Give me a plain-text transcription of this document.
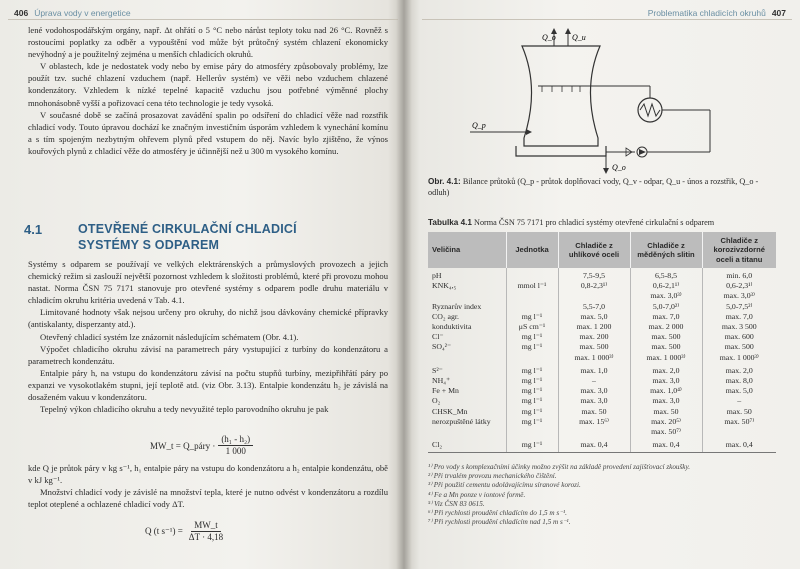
406 Úprava vody v energetice

lené vodohospodářským orgány, např. Δt ohřátí o 5 °C nebo nárůst teploty toku nad 26 °C. Rovněž s rostoucími poplatky za odběr a vypouštění vod může být průtočný systém chlazení ekonomicky nevýhodný a je použitelný zejména u menších chladicích okruhů.

V oblastech, kde je nedostatek vody nebo by emise páry do atmosféry způsobovaly problémy, lze použít tzv. suché chlazení vzduchem (např. Hellerův systém) ve věži nebo vzduchem chlazené kondenzátory. Vzhledem k nízké tepelné kapacitě vzduchu jsou potřebné výměnné plochy mnohonásobně vyšší a pořizovací cena této technologie je tedy vysoká.

V současné době se začíná prosazovat zavádění spalin po odsíření do chladicí věže nad rozstřik chladicí vody. Touto úpravou dochází ke značným investičním úsporám vzhledem k vynechání komínu a s tím spojeným nezbytným ohřevem plynů před vstupem do něj. Navíc bylo zjištěno, že výnos kouřových plynů z chladicí věže do atmosféry je účinnější než u 300 m vysokého komínu.

4.1	OTEVŘENÉ CIRKULAČNÍ CHLADICÍ
SYSTÉMY S ODPAREM

Systémy s odparem se používají ve velkých elektrárenských a průmyslových provozech a jejich chemický režim si zaslouží největší pozornost vzhledem k složitosti problémů, které při provozu mohou nastat. Norma ČSN 75 7171 stanovuje pro otevřené systémy s odparem podle druhu materiálu v chladicím okruhu kritéria uvedená v Tab. 4.1.

Limitované hodnoty však nejsou určeny pro okruhy, do nichž jsou dávkovány chemické přípravky (antiskalanty, disperzanty atd.).

Otevřený chladicí systém lze znázornit následujícím schématem (Obr. 4.1).

Výpočet chladicího okruhu závisí na parametrech páry vystupující z turbíny do kondenzátoru a parametrech kondenzátu.

Entalpie páry h, na vstupu do kondenzátoru závisí na počtu stupňů turbíny, mezipřihřátí páry po expanzi ve vysokotlakém stupni, její teplotě atd. (viz Obr. 3.13). Entalpie kondenzátu h₂ je závislá na dosaženém vakuu v kondenzátoru.

Tepelný výkon chladicího okruhu a tedy nevyužité teplo parovodního okruhu je pak

MW_t = Q_páry · $\frac{\text{(h₁ - h₂)}}{1 000}$

kde Q je průtok páry v kg s⁻¹, h₁ entalpie páry na vstupu do kondenzátoru a h₂ entalpie kondenzátu, obě v kJ kg⁻¹.

Množství chladicí vody je závislé na množství tepla, které je nutno odvést v kondenzátoru a rozdílu teplot oteplené a ochlazené chladicí vody ΔT.

Q (t $s^{-1}) = \frac{MW\_t}{\Delta T \cdot 4,18}$
Problematika chladicích okruhů 407
Q_o Q_u
Q_p
Q_o
Obr. 4.1: Bilance průtoků (Q_p - průtok doplňovací vody, Q_v - odpar, Q_u - únos a rozstřik, Q_o - odluh)
Tabulka 4.1 Norma ČSN 75 7171 pro chladicí systémy otevřené cirkulační s odparem
Veličina	Jednotka	Chladiče z uhlíkové oceli	Chladiče z měděných slitin	Chladiče z korozivzdorné oceli a titanu
pH		7,5-9,5	6,5-8,5	min. 6,0
KNK₄,₅	mmol l⁻¹	0,8-2,3¹⁾	0,6-2,1¹⁾	0,6-2,3¹⁾
			max. 3,0³⁾	max. 3,0³⁾
Ryznarův index		5,5-7,0	5,0-7,0²⁾	5,0-7,5²⁾
CO₂ agr.	mg l⁻¹	max. 5,0	max. 7,0	max. 7,0
konduktivita	μS cm⁻¹	max. 1 200	max. 2 000	max. 3 500
Cl⁻	mg l⁻¹	max. 200	max. 500	max. 600
SO₄²⁻	mg l⁻¹	max. 500	max. 500	max. 500
		max. 1 000³⁾	max. 1 000³⁾	max. 1 000³⁾
S²⁻	mg l⁻¹	max. 1,0	max. 2,0	max. 2,0
NH₄⁺	mg l⁻¹	–	max. 3,0	max. 8,0
Fe + Mn	mg l⁻¹	max. 3,0	max. 1,0⁴⁾	max. 5,0
O₂	mg l⁻¹	max. 3,0	max. 3,0	–
CHSK_Mn	mg l⁻¹	max. 50	max. 50	max. 50
nerozpuštěné látky	mg l⁻¹	max. 15⁶⁾	max. 20⁵⁾	max. 50⁷⁾
			max. 50⁷⁾	
Cl₂	mg l⁻¹	max. 0,4	max. 0,4	max. 0,4
¹⁾ Pro vody s komplexačními účinky možno zvýšit na základě provedení zajišťovací zkoušky.
²⁾ Při trvalém provozu mechanického čištění.
³⁾ Při použití cementu odolávajícímu síranové korozi.
⁴⁾ Fe a Mn ponze v iontové formě.
⁵⁾ Viz ČSN 83 0615.
⁶⁾ Při rychlosti proudění chladícím do 1,5 m s⁻¹.
⁷⁾ Při rychlosti proudění chladícím nad 1,5 m s⁻¹.
